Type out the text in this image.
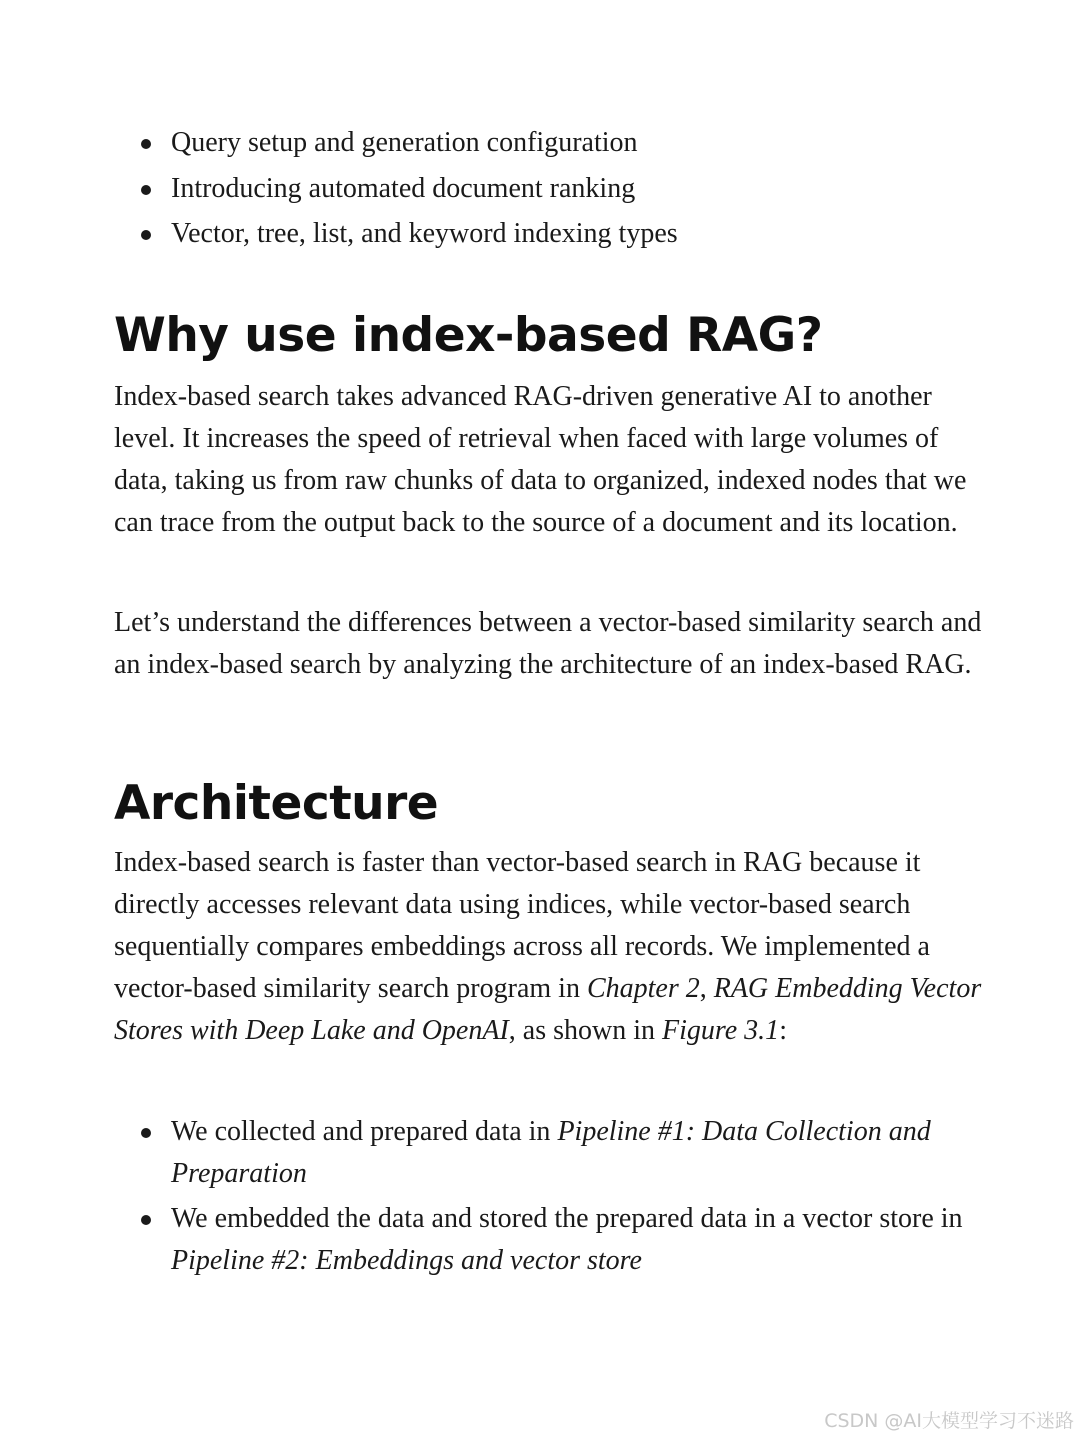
Query setup and generation configuration
Introducing automated document ranking
Vector, tree, list, and keyword indexing types
Why use index-based RAG?

Index-based search takes advanced RAG-driven generative AI to another level. It increases the speed of retrieval when faced with large volumes of data, taking us from raw chunks of data to organized, indexed nodes that we can trace from the output back to the source of a document and its location.

Let’s understand the differences between a vector-based similarity search and an index-based search by analyzing the architecture of an index-based RAG.

Architecture

Index-based search is faster than vector-based search in RAG because it directly accesses relevant data using indices, while vector-based search sequentially compares embeddings across all records. We implemented a vector-based similarity search program in Chapter 2, RAG Embedding Vector Stores with Deep Lake and OpenAI, as shown in Figure 3.1:

We collected and prepared data in Pipeline #1: Data Collection and Preparation
We embedded the data and stored the prepared data in a vector store in Pipeline #2: Embeddings and vector store
CSDN @AI大模型学习不迷路
